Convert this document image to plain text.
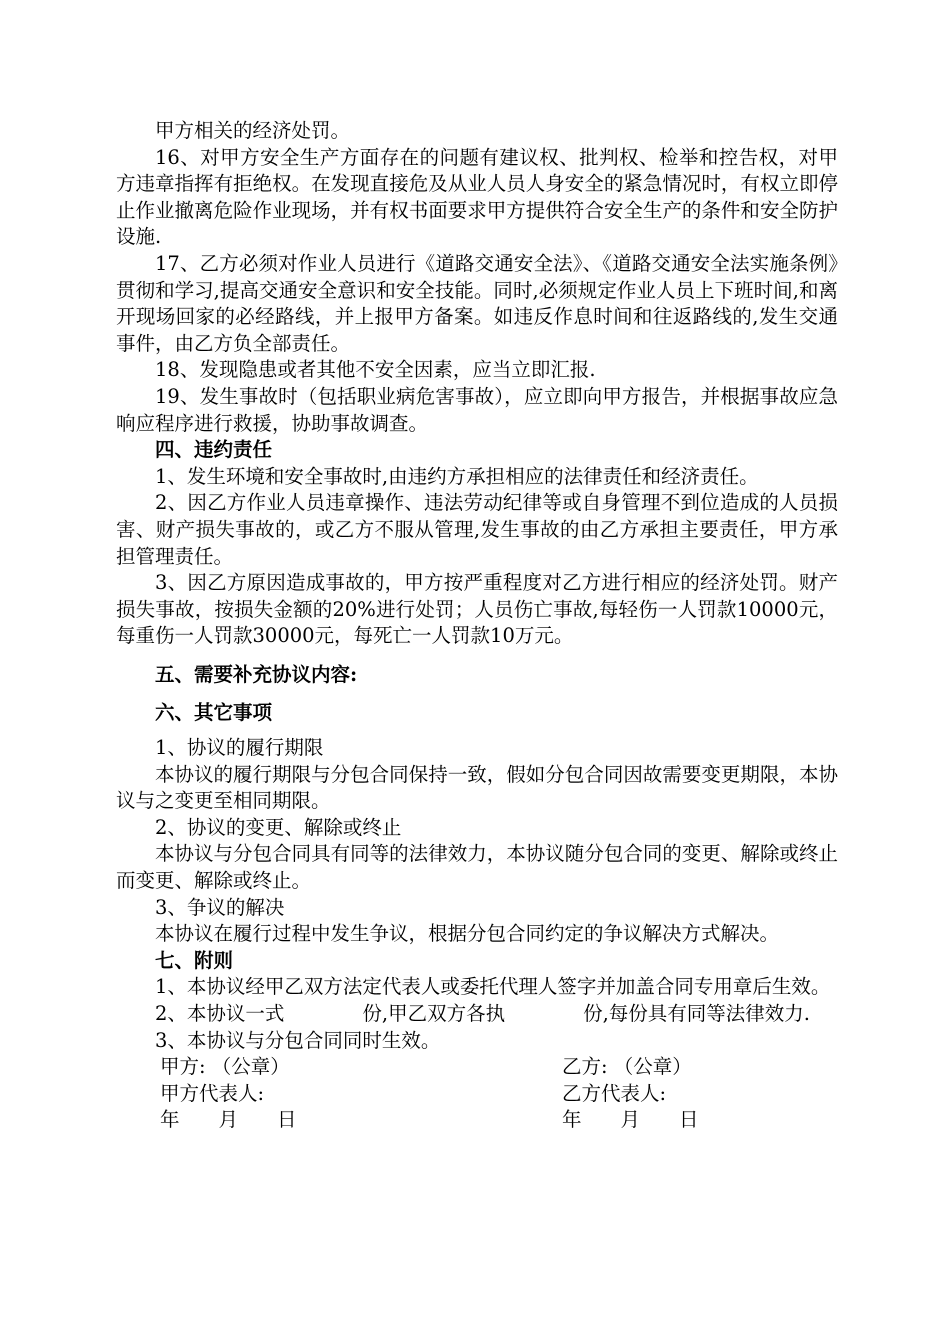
甲方相关的经济处罚。

16、对甲方安全生产方面存在的问题有建议权、批判权、检举和控告权，对甲方违章指挥有拒绝权。在发现直接危及从业人员人身安全的紧急情况时，有权立即停止作业撤离危险作业现场，并有权书面要求甲方提供符合安全生产的条件和安全防护设施.

17、乙方必须对作业人员进行《道路交通安全法》、《道路交通安全法实施条例》贯彻和学习,提高交通安全意识和安全技能。同时,必须规定作业人员上下班时间,和离开现场回家的必经路线，并上报甲方备案。如违反作息时间和往返路线的,发生交通事件，由乙方负全部责任。

18、发现隐患或者其他不安全因素，应当立即汇报.

19、发生事故时（包括职业病危害事故），应立即向甲方报告，并根据事故应急响应程序进行救援，协助事故调查。

四、违约责任

1、发生环境和安全事故时,由违约方承担相应的法律责任和经济责任。

2、因乙方作业人员违章操作、违法劳动纪律等或自身管理不到位造成的人员损害、财产损失事故的，或乙方不服从管理,发生事故的由乙方承担主要责任，甲方承担管理责任。

3、因乙方原因造成事故的，甲方按严重程度对乙方进行相应的经济处罚。财产损失事故，按损失金额的20%进行处罚；人员伤亡事故,每轻伤一人罚款10000元，每重伤一人罚款30000元，每死亡一人罚款10万元。

五、需要补充协议内容:

六、其它事项

1、协议的履行期限

本协议的履行期限与分包合同保持一致，假如分包合同因故需要变更期限，本协议与之变更至相同期限。

2、协议的变更、解除或终止

本协议与分包合同具有同等的法律效力，本协议随分包合同的变更、解除或终止而变更、解除或终止。

3、争议的解决

本协议在履行过程中发生争议，根据分包合同约定的争议解决方式解决。

七、附则

1、本协议经甲乙双方法定代表人或委托代理人签字并加盖合同专用章后生效。

2、本协议一式　　　　份,甲乙双方各执　　　　份,每份具有同等法律效力.

3、本协议与分包合同同时生效。

甲方: （公章）	乙方: （公章）
甲方代表人:	乙方代表人:
年　　月　　日	年　　月　　日
